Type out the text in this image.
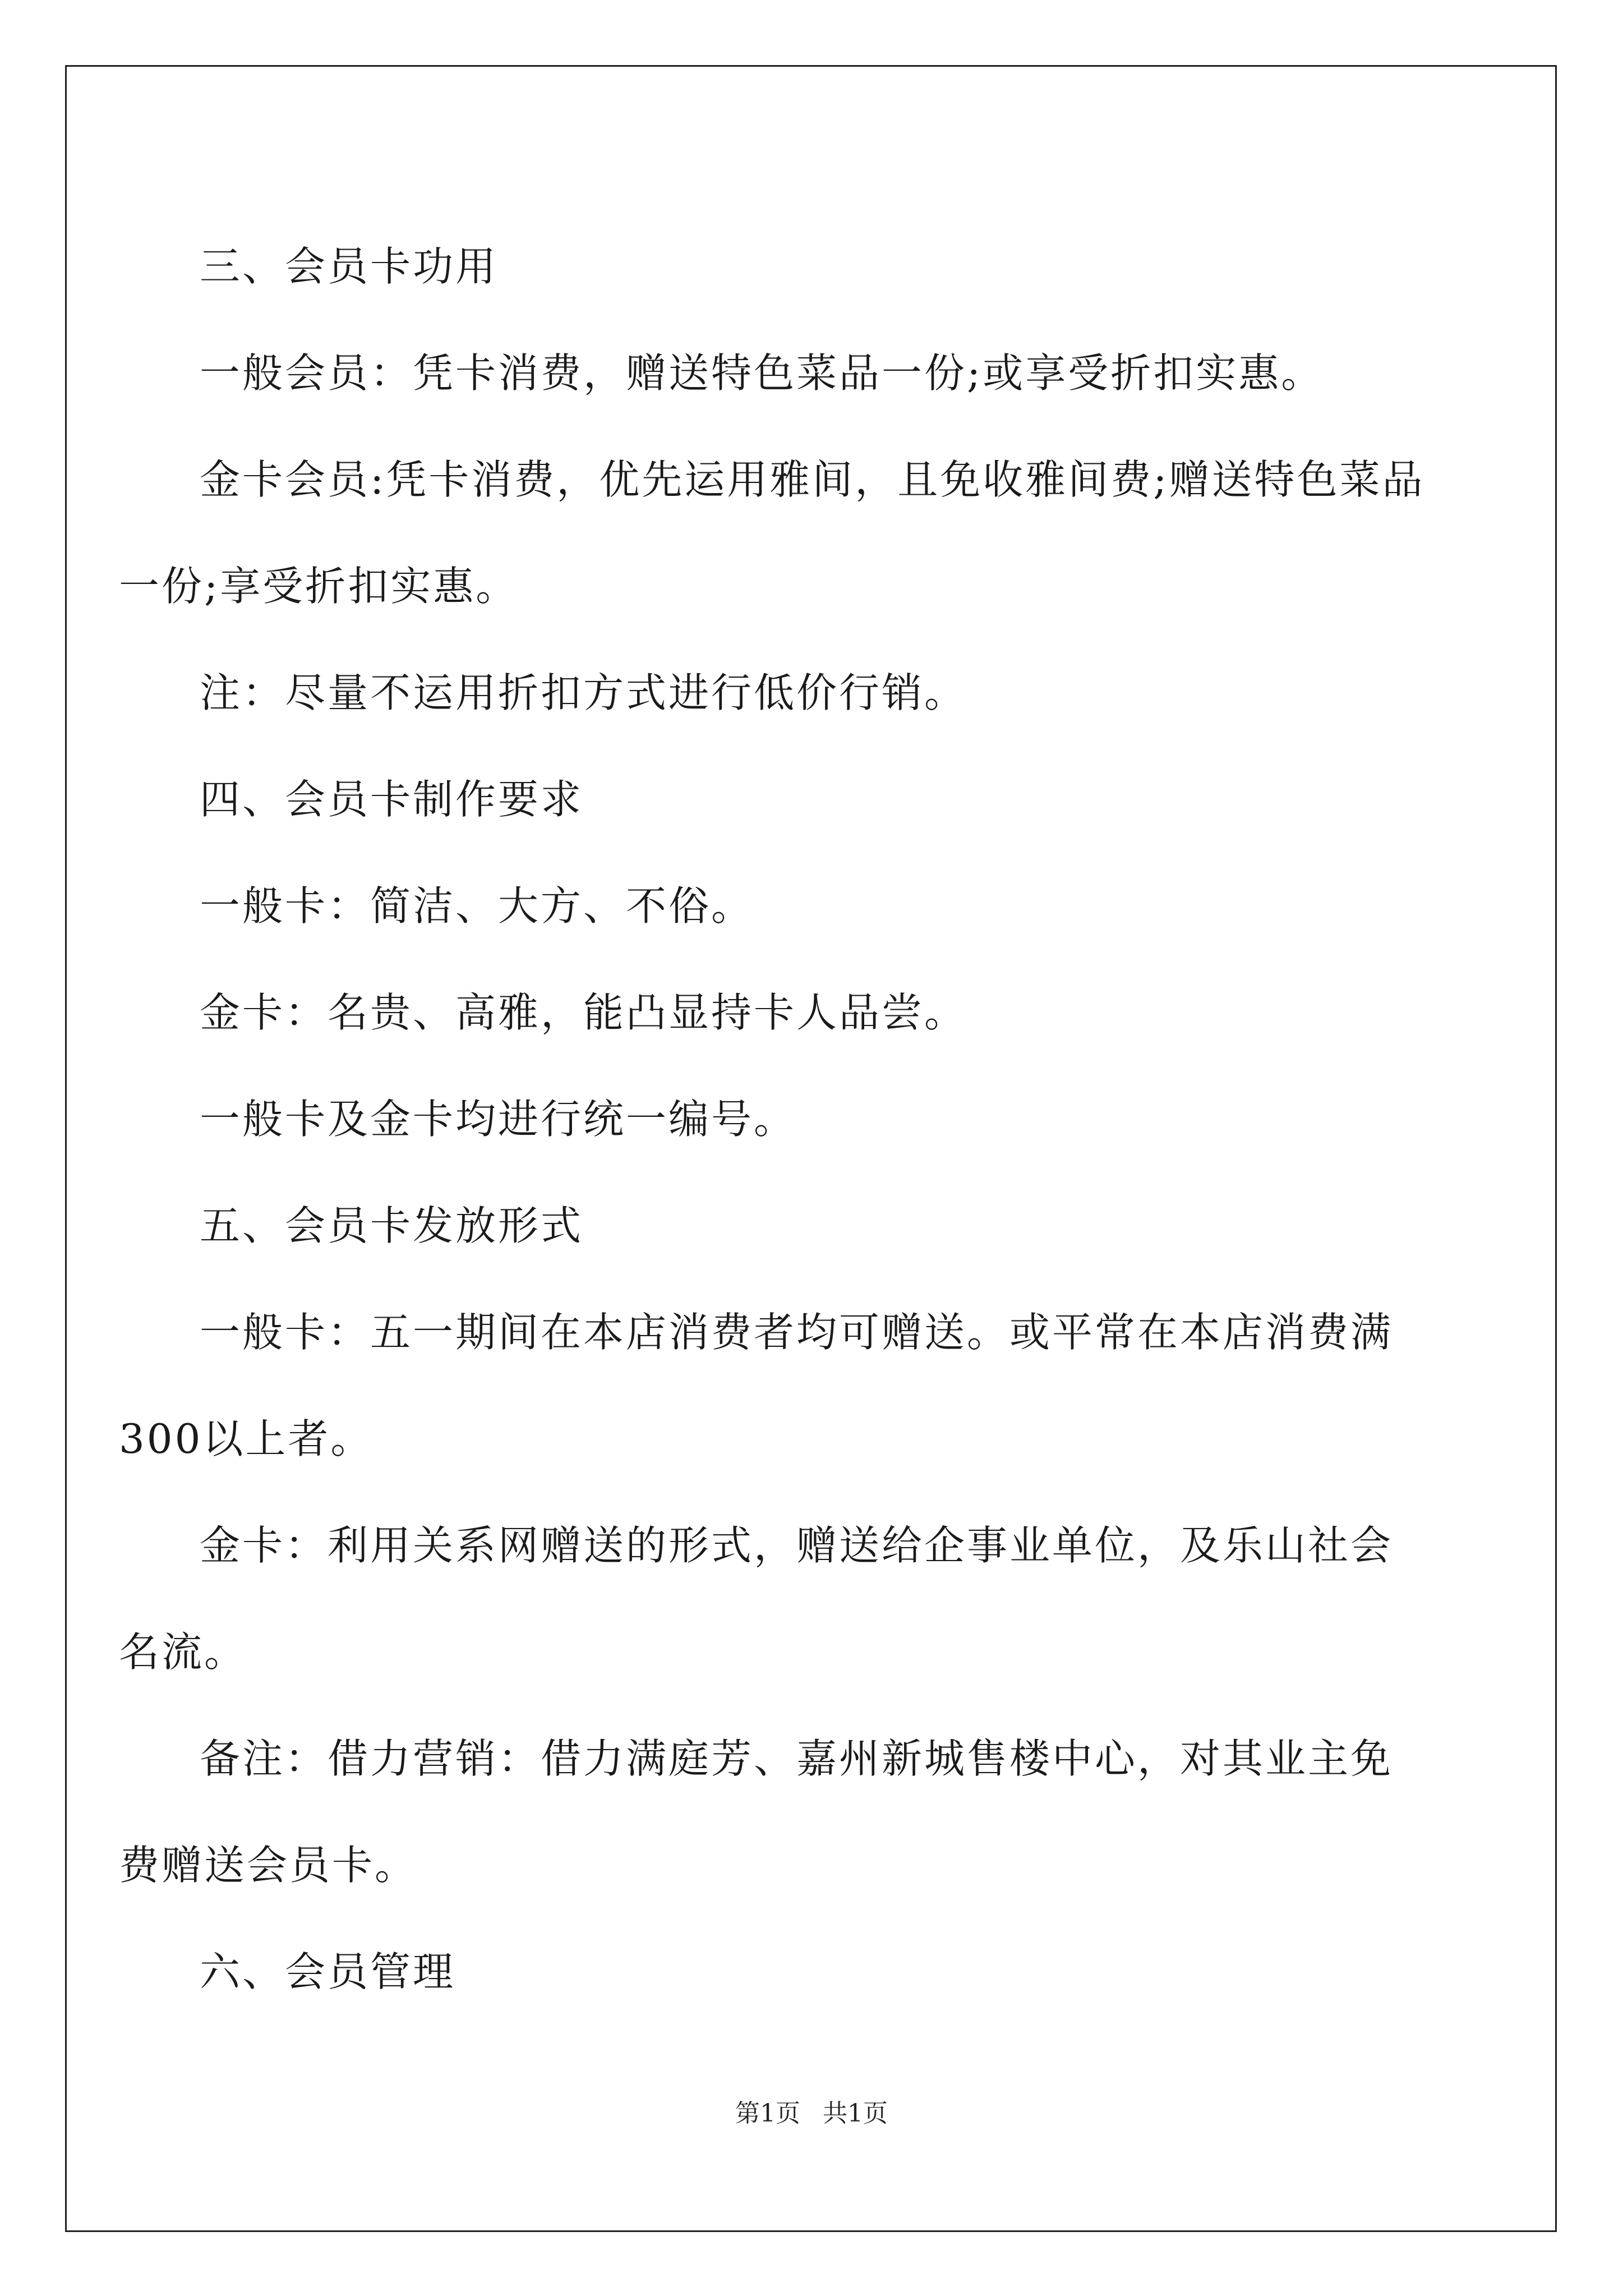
三、会员卡功用

一般会员：凭卡消费，赠送特色菜品一份;或享受折扣实惠。

金卡会员:凭卡消费，优先运用雅间，且免收雅间费;赠送特色菜品一份;享受折扣实惠。

注：尽量不运用折扣方式进行低价行销。

四、会员卡制作要求

一般卡：简洁、大方、不俗。

金卡：名贵、高雅，能凸显持卡人品尝。

一般卡及金卡均进行统一编号。

五、会员卡发放形式

一般卡：五一期间在本店消费者均可赠送。或平常在本店消费满300以上者。

金卡：利用关系网赠送的形式，赠送给企事业单位，及乐山社会名流。

备注：借力营销：借力满庭芳、嘉州新城售楼中心，对其业主免费赠送会员卡。

六、会员管理

第1页 共1页
